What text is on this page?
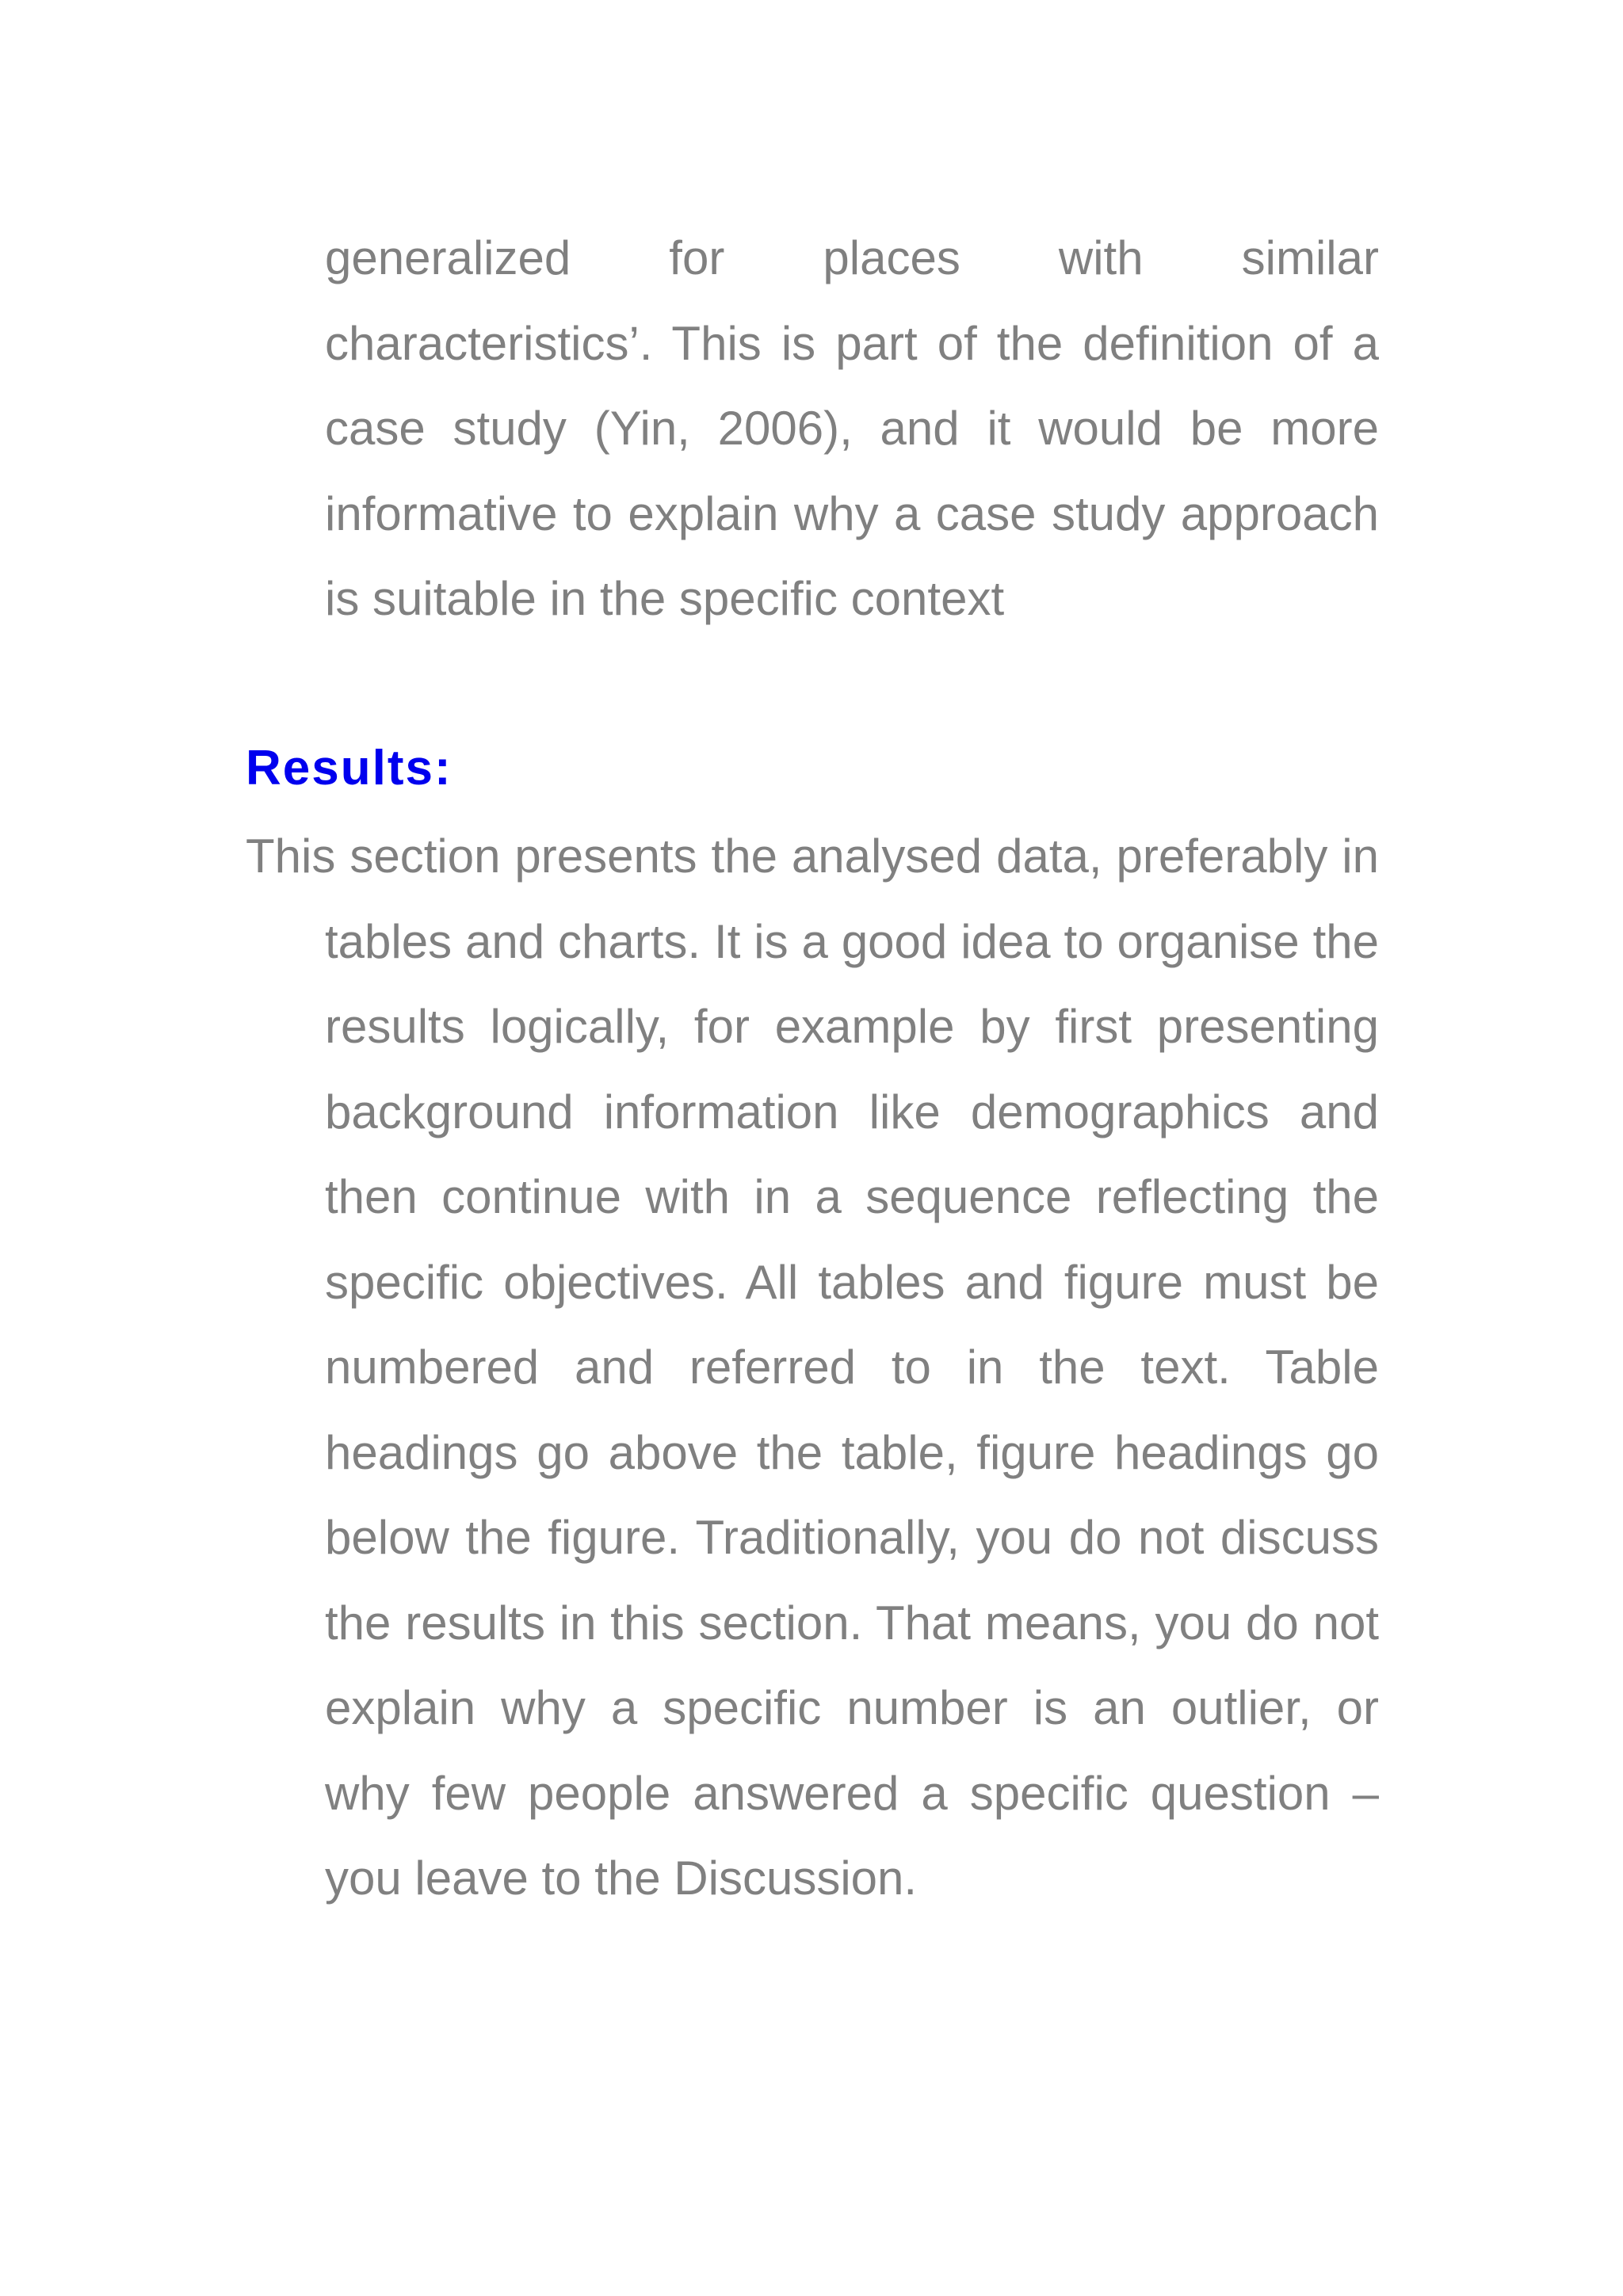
generalized for places with similar characteristics’. This is part of the definition of a case study (Yin, 2006), and it would be more informative to explain why a case study approach is suitable in the specific context

Results:

This section presents the analysed data, preferably in tables and charts. It is a good idea to organise the results logically, for example by first presenting background information like demographics and then continue with in a sequence reflecting the specific objectives. All tables and figure must be numbered and referred to in the text. Table headings go above the table, figure headings go below the figure. Traditionally, you do not discuss the results in this section. That means, you do not explain why a specific number is an outlier, or why few people answered a specific question – you leave to the Discussion.
